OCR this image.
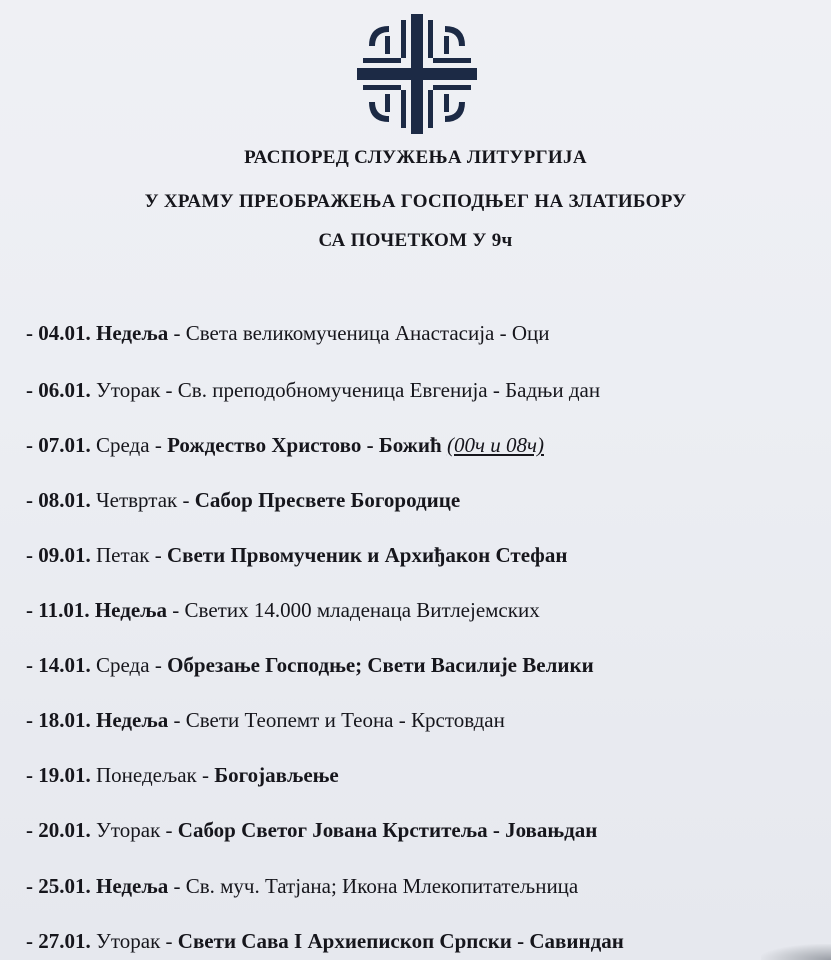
РАСПОРЕД СЛУЖЕЊА ЛИТУРГИЈА
У ХРАМУ ПРЕОБРАЖЕЊА ГОСПОДЊЕГ НА ЗЛАТИБОРУ
СА ПОЧЕТКОМ У 9ч
- 04.01. Недеља - Света великомученица Анастасија - Оци
- 06.01. Уторак - Св. преподобномученица Евгенија - Бадњи дан
- 07.01. Среда - Рождество Христово - Божић (00ч и 08ч)
- 08.01. Четвртак - Сабор Пресвете Богородице
- 09.01. Петак - Свети Првомученик и Архиђакон Стефан
- 11.01. Недеља - Светих 14.000 младенаца Витлејемских
- 14.01. Среда - Обрезање Господње; Свети Василије Велики
- 18.01. Недеља - Свети Теопемт и Теона - Крстовдан
- 19.01. Понедељак - Богојављење
- 20.01. Уторак - Сабор Светог Јована Крститеља - Јовањдан
- 25.01. Недеља - Св. муч. Татјана; Икона Млекопитатељница
- 27.01. Уторак - Свети Сава I Архиепископ Српски - Савиндан
